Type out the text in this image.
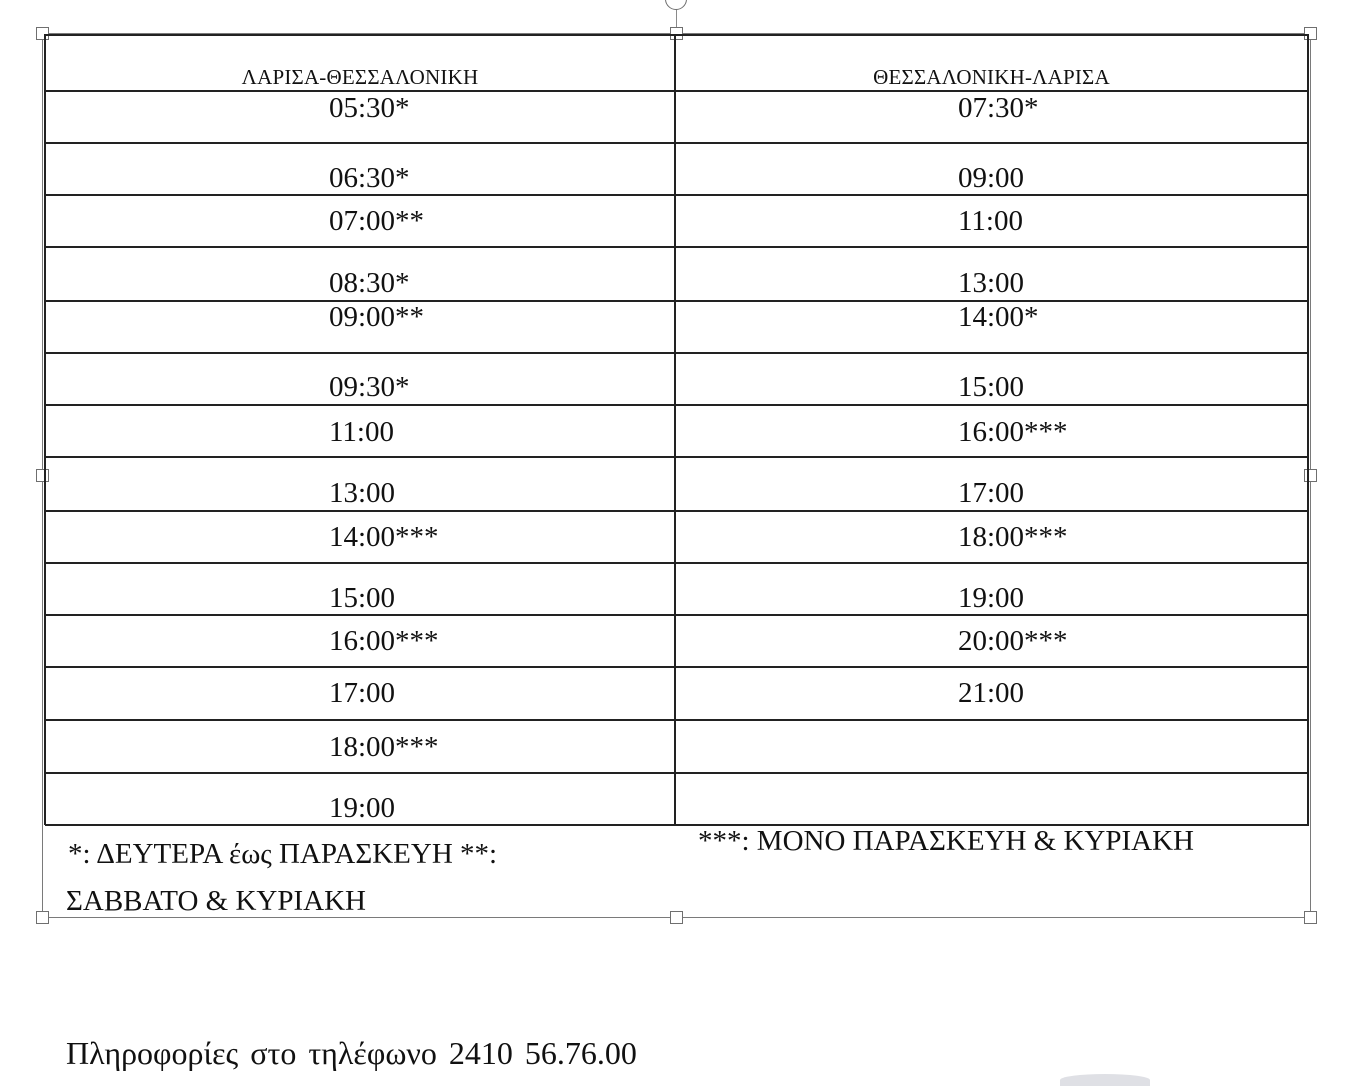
ΛΑΡΙΣΑ-ΘΕΣΣΑΛΟΝΙΚΗ	ΘΕΣΣΑΛΟΝΙΚΗ-ΛΑΡΙΣΑ
05:30*
06:30*
07:00**
08:30*
09:00**
09:30*
11:00
13:00
14:00***
15:00
16:00***
17:00
18:00***
19:00
07:30*
09:00
11:00
13:00
14:00*
15:00
16:00***
17:00
18:00***
19:00
20:00***
21:00
*: ΔΕΥΤΕΡΑ έως ΠΑΡΑΣΚΕΥΗ **:
ΣΑΒΒΑΤΟ & ΚΥΡΙΑΚΗ
***: ΜΟΝΟ ΠΑΡΑΣΚΕΥΗ & ΚΥΡΙΑΚΗ
Πληροφορίες στο τηλέφωνο 2410 56.76.00
